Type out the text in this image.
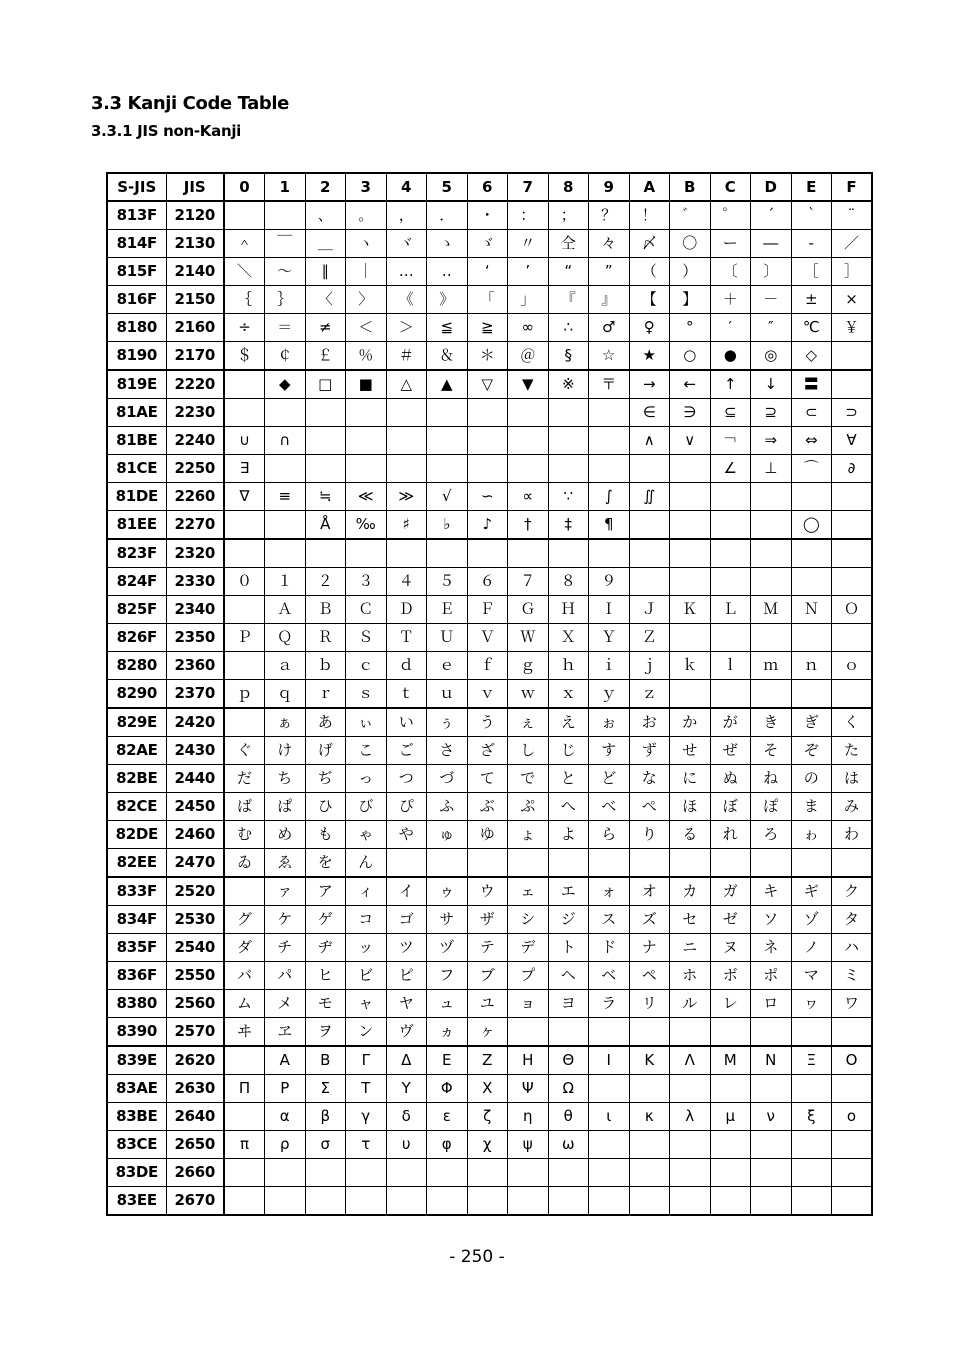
3.3 Kanji Code Table
3.3.1 JIS non-Kanji
S-JIS	JIS	0	1	2	3	4	5	6	7	8	9	A	B	C	D	E	F
813F	2120			、	。	，	．	・	：	；	？	！	゛	゜	´	｀	¨
814F	2130	＾	￣	＿	ヽ	ヾ	ゝ	ゞ	〃	仝	々	〆	〇	ー	―	‐	／
815F	2140	＼	～	∥	｜	…	‥	‘	’	“	”	（	）	〔	〕	［	］
816F	2150	｛	｝	〈	〉	《	》	「	」	『	』	【	】	＋	－	±	×
8180	2160	÷	＝	≠	＜	＞	≦	≧	∞	∴	♂	♀	°	′	″	℃	￥
8190	2170	＄	￠	￡	％	＃	＆	＊	＠	§	☆	★	○	●	◎	◇	
819E	2220		◆	□	■	△	▲	▽	▼	※	〒	→	←	↑	↓	〓	
81AE	2230											∈	∋	⊆	⊇	⊂	⊃
81BE	2240	∪	∩									∧	∨	￢	⇒	⇔	∀
81CE	2250	∃												∠	⊥	⌒	∂
81DE	2260	∇	≡	≒	≪	≫	√	∽	∝	∵	∫	∬					
81EE	2270			Å	‰	♯	♭	♪	†	‡	¶					◯	
823F	2320																
824F	2330	０	１	２	３	４	５	６	７	８	９						
825F	2340		Ａ	Ｂ	Ｃ	Ｄ	Ｅ	Ｆ	Ｇ	Ｈ	Ｉ	Ｊ	Ｋ	Ｌ	Ｍ	Ｎ	Ｏ
826F	2350	Ｐ	Ｑ	Ｒ	Ｓ	Ｔ	Ｕ	Ｖ	Ｗ	Ｘ	Ｙ	Ｚ					
8280	2360		ａ	ｂ	ｃ	ｄ	ｅ	ｆ	ｇ	ｈ	ｉ	ｊ	ｋ	ｌ	ｍ	ｎ	ｏ
8290	2370	ｐ	ｑ	ｒ	ｓ	ｔ	ｕ	ｖ	ｗ	ｘ	ｙ	ｚ					
829E	2420		ぁ	あ	ぃ	い	ぅ	う	ぇ	え	ぉ	お	か	が	き	ぎ	く
82AE	2430	ぐ	け	げ	こ	ご	さ	ざ	し	じ	す	ず	せ	ぜ	そ	ぞ	た
82BE	2440	だ	ち	ぢ	っ	つ	づ	て	で	と	ど	な	に	ぬ	ね	の	は
82CE	2450	ば	ぱ	ひ	び	ぴ	ふ	ぶ	ぷ	へ	べ	ぺ	ほ	ぼ	ぽ	ま	み
82DE	2460	む	め	も	ゃ	や	ゅ	ゆ	ょ	よ	ら	り	る	れ	ろ	ゎ	わ
82EE	2470	ゐ	ゑ	を	ん												
833F	2520		ァ	ア	ィ	イ	ゥ	ウ	ェ	エ	ォ	オ	カ	ガ	キ	ギ	ク
834F	2530	グ	ケ	ゲ	コ	ゴ	サ	ザ	シ	ジ	ス	ズ	セ	ゼ	ソ	ゾ	タ
835F	2540	ダ	チ	ヂ	ッ	ツ	ヅ	テ	デ	ト	ド	ナ	ニ	ヌ	ネ	ノ	ハ
836F	2550	バ	パ	ヒ	ビ	ピ	フ	ブ	プ	ヘ	ベ	ペ	ホ	ボ	ポ	マ	ミ
8380	2560	ム	メ	モ	ャ	ヤ	ュ	ユ	ョ	ヨ	ラ	リ	ル	レ	ロ	ヮ	ワ
8390	2570	ヰ	ヱ	ヲ	ン	ヴ	ヵ	ヶ									
839E	2620		Α	Β	Γ	Δ	Ε	Ζ	Η	Θ	Ι	Κ	Λ	Μ	Ν	Ξ	Ο
83AE	2630	Π	Ρ	Σ	Τ	Υ	Φ	Χ	Ψ	Ω							
83BE	2640		α	β	γ	δ	ε	ζ	η	θ	ι	κ	λ	μ	ν	ξ	ο
83CE	2650	π	ρ	σ	τ	υ	φ	χ	ψ	ω							
83DE	2660																
83EE	2670																
- 250 -
